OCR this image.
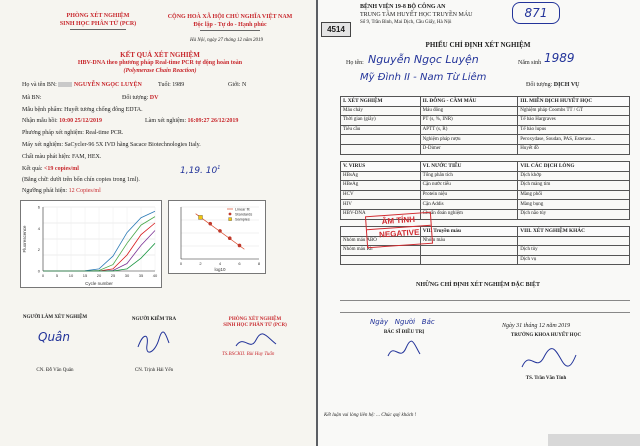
PHÒNG XÉT NGHIỆM
SINH HỌC PHÂN TỬ (PCR)
CỘNG HOÀ XÃ HỘI CHỦ NGHĨA VIỆT NAM
Độc lập - Tự do - Hạnh phúc
Hà Nội, ngày 27 tháng 12 năm 2019
KẾT QUẢ XÉT NGHIỆM
HBV-DNA theo phương pháp Real-time PCR tự động hoàn toàn
(Polymerase Chain Reaction)
Họ và tên BN:	NGUYỄN NGỌC LUYỆN	Tuổi: 1989	Giới: N
Mã BN:	Đối tượng: DV
Mẫu bệnh phẩm: Huyết tương chống đông EDTA.
Nhận mẫu hồi: 10:00 25/12/2019	Làm xét nghiệm: 16:09:27 26/12/2019
Phương pháp xét nghiệm: Real-time PCR.
Máy xét nghiệm: SaCycler-96 5X IVD hãng Sacace Biotechnologies Italy.
Chất màu phát hiện: FAM, HEX.
Kết quả: <19 copies/ml	1,19. $10^1$
(Bằng chữ: dưới trên bốn chín copies trong 1ml).
Ngưỡng phát hiện: 12 Copies/ml
0	5	10 15 20 25 30 35 40
0
2
4
6
Cycle number
Fluorescence
0	2	4	6	8
log10
Linear fit
Standards
Samples
NGƯỜI LÀM XÉT NGHIỆM
Quân
CN. Đỗ Văn Quân
NGƯỜI KIỂM TRA
CN. Trịnh Hải Yến
PHÒNG XÉT NGHIỆM
SINH HỌC PHÂN TỬ (PCR)
TS.BSCKII. Bùi Huy Tuấn
BỆNH VIỆN 19-8 BỘ CÔNG AN
TRUNG TÂM HUYẾT HỌC TRUYỀN MÁU
Số 9, Trần Bình, Mai Dịch, Cầu Giấy, Hà Nội
4514
871
PHIẾU CHỈ ĐỊNH XÉT NGHIỆM
Họ tên: Nguyễn Ngọc Luyện	Năm sinh 1989
Mỹ Đình II - Nam Từ Liêm
Đối tượng: DỊCH VỤ
I. XÉT NGHIỆM	II. ĐÔNG - CẦM MÁU	III. MIỄN DỊCH HUYẾT HỌC
Máu chảy	Máu đông	Nghiệm pháp Coombs TT / GT
Thời gian (giây)	PT (s, %, INR)	Tế bào Hargraves
Tiêu cầu	APTT (s, R)	Tế bào lupus
	Nghiệm pháp rượu	Peroxydase, Soudan, PAS, Esterase...
	D-Dimer	Huyết đồ
V. VIRUS	VI. NƯỚC TIỂU	VII. CÁC DỊCH LỎNG
HBsAg	Tổng phân tích	Dịch khớp
HBeAg	Cặn nước tiểu	Dịch màng tim
HCV	Protein niệu	Màng phổi
HIV	Cặn Addis	Màng bụng
HBV-DNA	Chuẩn đoán nghiệm	Dịch não tủy
	VII. Truyền máu	VIII. XÉT NGHIỆM KHÁC
Nhóm máu ABO	Nhóm máu	
Nhóm máu Rh		Dịch tủy
		Dịch vụ
ÂM TÍNH
NEGATIVE
NHỮNG CHỈ ĐỊNH XÉT NGHIỆM ĐẶC BIỆT
Ngày   Người   Bác
BÁC SĨ ĐIỀU TRỊ
Ngày 31 tháng 12 năm 2019
TRƯỞNG KHOA HUYẾT HỌC
TS. Trần Văn Tính
Kết luận vui lòng liên hệ: ... Chúc quý khách !
